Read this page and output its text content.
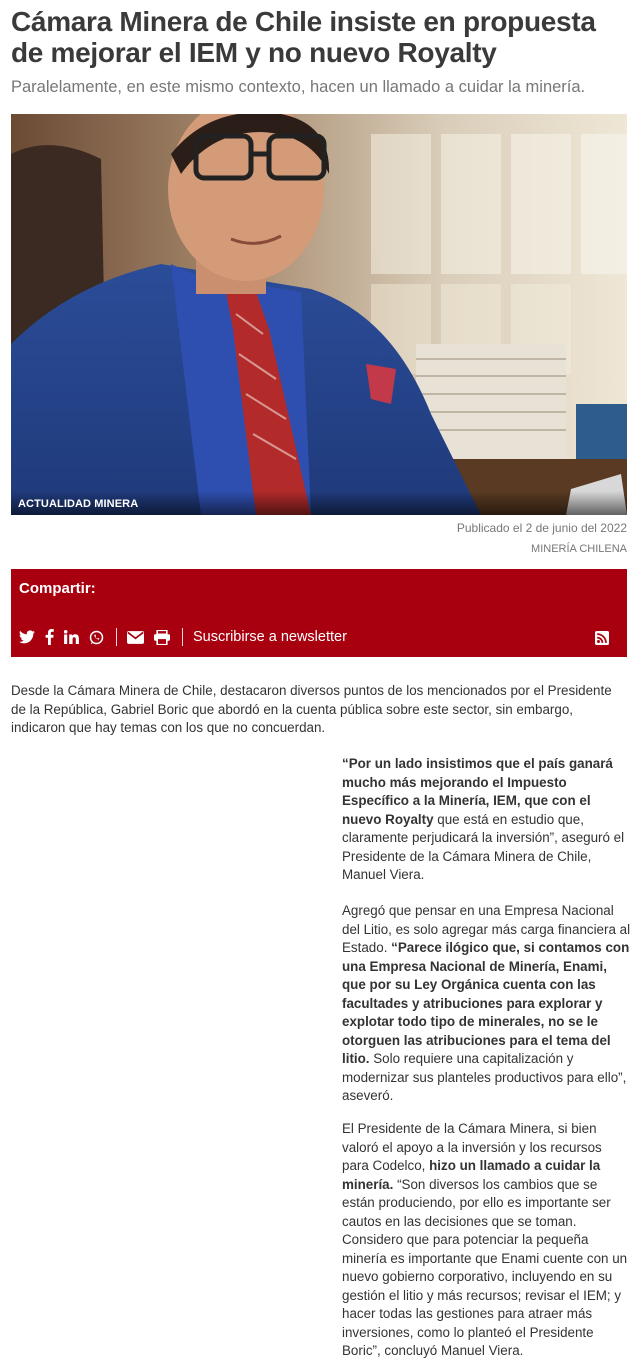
Cámara Minera de Chile insiste en propuesta de mejorar el IEM y no nuevo Royalty

Paralelamente, en este mismo contexto, hacen un llamado a cuidar la minería.

ACTUALIDAD MINERA
Publicado el 2 de junio del 2022
MINERÍA CHILENA
Compartir:
Suscribirse a newsletter

Desde la Cámara Minera de Chile, destacaron diversos puntos de los mencionados por el Presidente de la República, Gabriel Boric que abordó en la cuenta pública sobre este sector, sin embargo, indicaron que hay temas con los que no concuerdan.

“Por un lado insistimos que el país ganará mucho más mejorando el Impuesto Específico a la Minería, IEM, que con el nuevo Royalty que está en estudio que, claramente perjudicará la inversión”, aseguró el Presidente de la Cámara Minera de Chile, Manuel Viera.

Agregó que pensar en una Empresa Nacional del Litio, es solo agregar más carga financiera al Estado. “Parece ilógico que, si contamos con una Empresa Nacional de Minería, Enami, que por su Ley Orgánica cuenta con las facultades y atribuciones para explorar y explotar todo tipo de minerales, no se le otorguen las atribuciones para el tema del litio. Solo requiere una capitalización y modernizar sus planteles productivos para ello”, aseveró.

El Presidente de la Cámara Minera, si bien valoró el apoyo a la inversión y los recursos para Codelco, hizo un llamado a cuidar la minería. “Son diversos los cambios que se están produciendo, por ello es importante ser cautos en las decisiones que se toman. Considero que para potenciar la pequeña minería es importante que Enami cuente con un nuevo gobierno corporativo, incluyendo en su gestión el litio y más recursos; revisar el IEM; y hacer todas las gestiones para atraer más inversiones, como lo planteó el Presidente Boric”, concluyó Manuel Viera.
